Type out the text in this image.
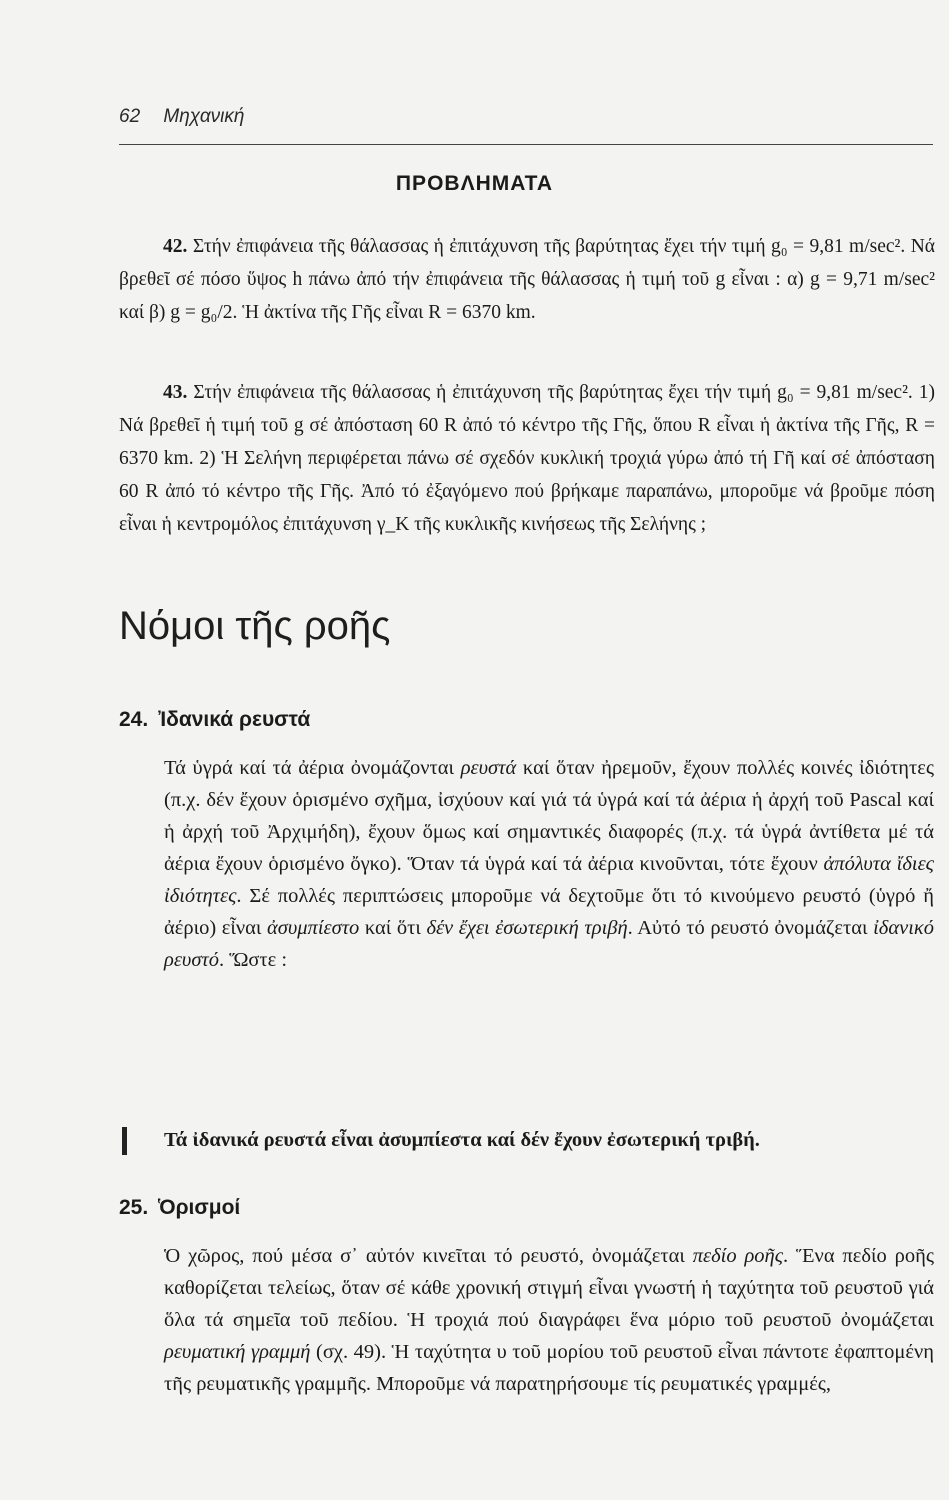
62 Μηχανική
ΠΡΟΒΛΗΜΑΤΑ

42. Στήν ἐπιφάνεια τῆς θάλασσας ἡ ἐπιτάχυνση τῆς βαρύτητας ἔχει τήν τιμή g₀ = 9,81 m/sec². Νά βρεθεῖ σέ πόσο ὕψος h πάνω ἀπό τήν ἐπιφάνεια τῆς θάλασσας ἡ τιμή τοῦ g εἶναι : α) g = 9,71 m/sec² καί β) g = g₀/2. Ἡ ἀκτίνα τῆς Γῆς εἶναι R = 6370 km.

43. Στήν ἐπιφάνεια τῆς θάλασσας ἡ ἐπιτάχυνση τῆς βαρύτητας ἔχει τήν τιμή g₀ = 9,81 m/sec². 1) Νά βρεθεῖ ἡ τιμή τοῦ g σέ ἀπόσταση 60 R ἀπό τό κέντρο τῆς Γῆς, ὅπου R εἶναι ἡ ἀκτίνα τῆς Γῆς, R = 6370 km. 2) Ἡ Σελήνη περιφέρεται πάνω σέ σχεδόν κυκλική τροχιά γύρω ἀπό τή Γῆ καί σέ ἀπόσταση 60 R ἀπό τό κέντρο τῆς Γῆς. Ἀπό τό ἐξαγόμενο πού βρήκαμε παραπάνω, μποροῦμε νά βροῦμε πόση εἶναι ἡ κεντρομόλος ἐπιτάχυνση γ_K τῆς κυκλικῆς κινήσεως τῆς Σελήνης ;

Νόμοι τῆς ροῆς
24. Ἰδανικά ρευστά

Τά ὑγρά καί τά ἀέρια ὀνομάζονται ρευστά καί ὅταν ἠρεμοῦν, ἔχουν πολλές κοινές ἰδιότητες (π.χ. δέν ἔχουν ὁρισμένο σχῆμα, ἰσχύουν καί γιά τά ὑγρά καί τά ἀέρια ἡ ἀρχή τοῦ Pascal καί ἡ ἀρχή τοῦ Ἀρχιμήδη), ἔχουν ὅμως καί σημαντικές διαφορές (π.χ. τά ὑγρά ἀντίθετα μέ τά ἀέρια ἔχουν ὁρισμένο ὄγκο). Ὅταν τά ὑγρά καί τά ἀέρια κινοῦνται, τότε ἔχουν ἀπόλυτα ἴδιες ἰδιότητες. Σέ πολλές περιπτώσεις μποροῦμε νά δεχτοῦμε ὅτι τό κινούμενο ρευστό (ὑγρό ἤ ἀέριο) εἶναι ἀσυμπίεστο καί ὅτι δέν ἔχει ἐσωτερική τριβή. Αὐτό τό ρευστό ὀνομάζεται ἰδανικό ρευστό. Ὥστε :

Τά ἰδανικά ρευστά εἶναι ἀσυμπίεστα καί δέν ἔχουν ἐσωτερική τριβή.
25. Ὁρισμοί

Ὁ χῶρος, πού μέσα σ᾽ αὐτόν κινεῖται τό ρευστό, ὀνομάζεται πεδίο ροῆς. Ἕνα πεδίο ροῆς καθορίζεται τελείως, ὅταν σέ κάθε χρονική στιγμή εἶναι γνωστή ἡ ταχύτητα τοῦ ρευστοῦ γιά ὅλα τά σημεῖα τοῦ πεδίου. Ἡ τροχιά πού διαγράφει ἕνα μόριο τοῦ ρευστοῦ ὀνομάζεται ρευματική γραμμή (σχ. 49). Ἡ ταχύτητα υ τοῦ μορίου τοῦ ρευστοῦ εἶναι πάντοτε ἐφαπτομένη τῆς ρευματικῆς γραμμῆς. Μποροῦμε νά παρατηρήσουμε τίς ρευματικές γραμμές,
